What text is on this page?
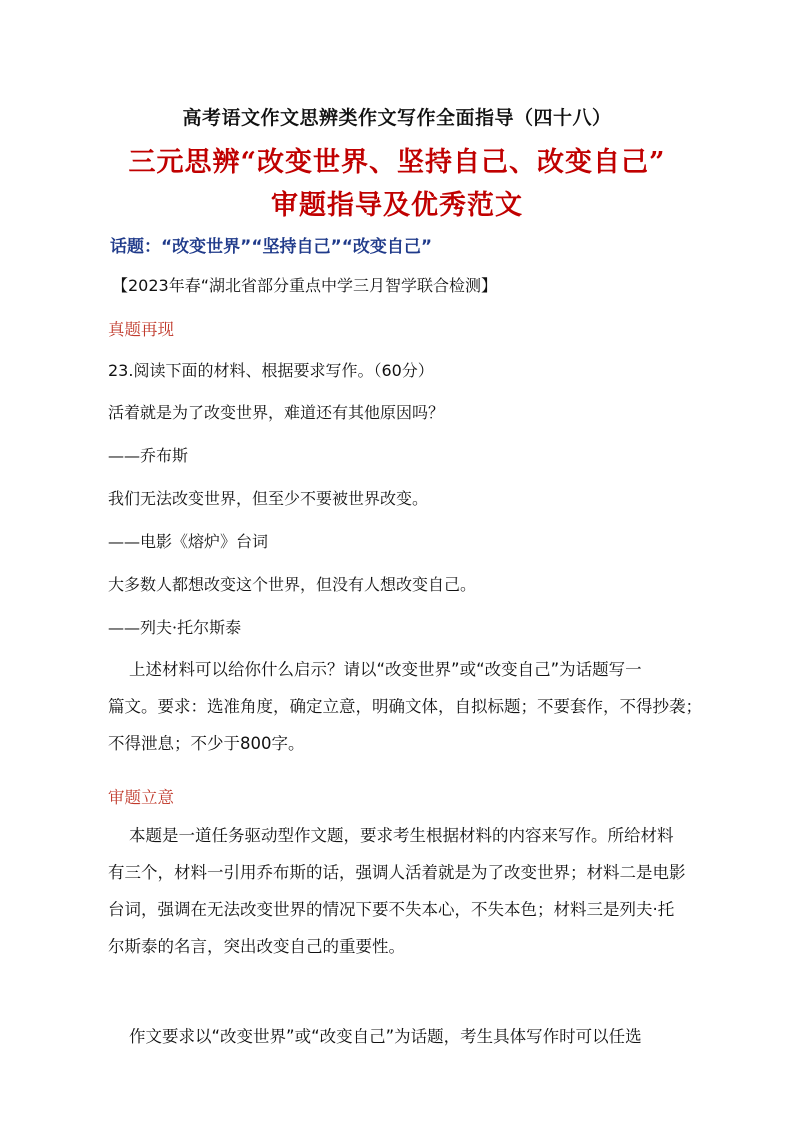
高考语文作文思辨类作文写作全面指导（四十八）
三元思辨“改变世界、坚持自己、改变自己”
审题指导及优秀范文
话题：“改变世界”“坚持自己”“改变自己”
【2023年春“湖北省部分重点中学三月智学联合检测】
真题再现
23.阅读下面的材料、根据要求写作。（60分）
活着就是为了改变世界，难道还有其他原因吗？
——乔布斯
我们无法改变世界，但至少不要被世界改变。
——电影《熔炉》台词
大多数人都想改变这个世界，但没有人想改变自己。
——列夫·托尔斯泰
上述材料可以给你什么启示？请以“改变世界”或“改变自己”为话题写一
篇文。要求：选准角度，确定立意，明确文体，自拟标题；不要套作，不得抄袭；
不得泄息；不少于800字。
审题立意
本题是一道任务驱动型作文题，要求考生根据材料的内容来写作。所给材料
有三个，材料一引用乔布斯的话，强调人活着就是为了改变世界；材料二是电影
台词，强调在无法改变世界的情况下要不失本心，不失本色；材料三是列夫·托
尔斯泰的名言，突出改变自己的重要性。
作文要求以“改变世界”或“改变自己”为话题，考生具体写作时可以任选
